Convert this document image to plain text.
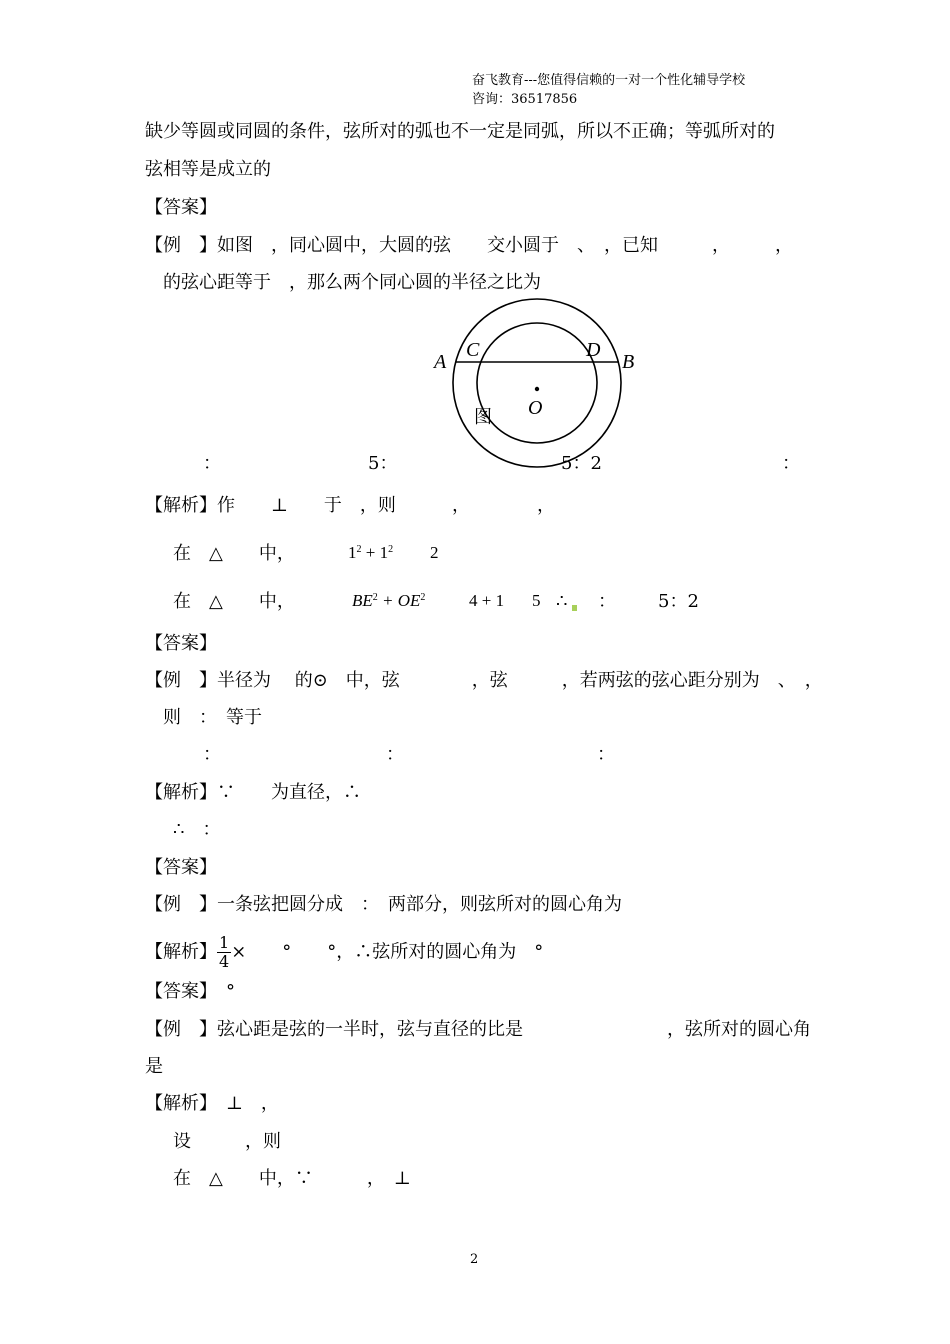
奋飞教育---您值得信赖的一对一个性化辅导学校
咨询：36517856
缺少等圆或同圆的条件，弦所对的弧也不一定是同弧，所以不正确；等弧所对的
弦相等是成立的
【答案】
【例　】如图　，同心圆中，大圆的弦　　交小圆于　、　，已知　　　，　　　，
　的弦心距等于　，那么两个同心圆的半径之比为
A
C	D
B
O
图
：	5：	5：2	：
【解析】作　　⊥　　于　，则	，	，
在　△　　中，	$1^2 + 1^2$ 2
在　△　　中，	$BE^2 + OE^2$	4 + 1 5 ∴ ： 5：2
【答案】
【例　】半径为　 的⊙　中，弦　　　　，弦　　　，若两弦的弦心距分别为　、　，
　则　：　等于
：	：	：
【解析】∵　　为直径，∴
∴　：
【答案】
【例　】一条弦把圆分成　：　两部分，则弦所对的圆心角为
【解析】 $\frac{1}{4}$ ×　　°　　°，∴弦所对的圆心角为　°
【答案】　°
【例　】弦心距是弦的一半时，弦与直径的比是　　　　　　　　，弦所对的圆心角
是
【解析】　⊥　，
设　　　，则
在　△　　中，∵　　　，　⊥
2
